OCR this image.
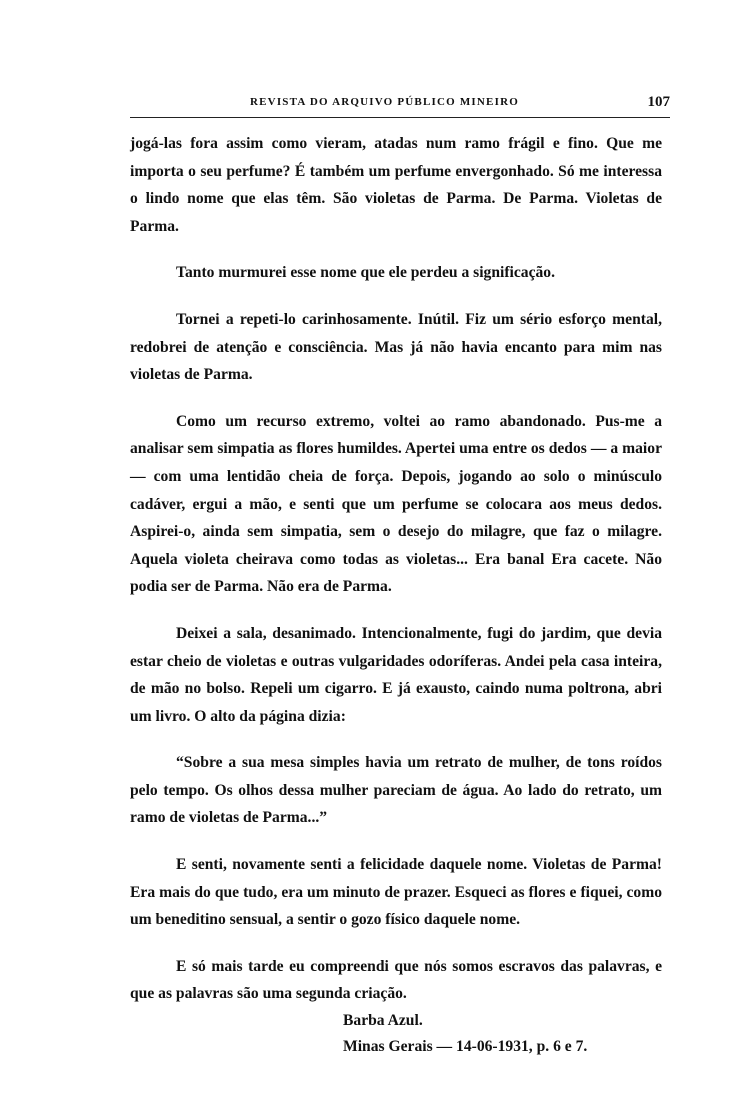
REVISTA DO ARQUIVO PÚBLICO MINEIRO	107

jogá-las fora assim como vieram, atadas num ramo frágil e fino. Que me importa o seu perfume? É também um perfume envergonhado. Só me interessa o lindo nome que elas têm. São violetas de Parma. De Parma. Violetas de Parma.

Tanto murmurei esse nome que ele perdeu a significação.

Tornei a repeti-lo carinhosamente. Inútil. Fiz um sério esforço mental, redobrei de atenção e consciência. Mas já não havia encanto para mim nas violetas de Parma.

Como um recurso extremo, voltei ao ramo abandonado. Pus-me a analisar sem simpatia as flores humildes. Apertei uma entre os dedos — a maior — com uma lentidão cheia de força. Depois, jogando ao solo o minúsculo cadáver, ergui a mão, e senti que um perfume se colocara aos meus dedos. Aspirei-o, ainda sem simpatia, sem o desejo do milagre, que faz o milagre. Aquela violeta cheirava como todas as violetas... Era banal Era cacete. Não podia ser de Parma. Não era de Parma.

Deixei a sala, desanimado. Intencionalmente, fugi do jardim, que devia estar cheio de violetas e outras vulgaridades odoríferas. Andei pela casa inteira, de mão no bolso. Repeli um cigarro. E já exausto, caindo numa poltrona, abri um livro. O alto da página dizia:

“Sobre a sua mesa simples havia um retrato de mulher, de tons roídos pelo tempo. Os olhos dessa mulher pareciam de água. Ao lado do retrato, um ramo de violetas de Parma...”

E senti, novamente senti a felicidade daquele nome. Violetas de Parma! Era mais do que tudo, era um minuto de prazer. Esqueci as flores e fiquei, como um beneditino sensual, a sentir o gozo físico daquele nome.

E só mais tarde eu compreendi que nós somos escravos das palavras, e que as palavras são uma segunda criação.

Barba Azul.
Minas Gerais — 14-06-1931, p. 6 e 7.
